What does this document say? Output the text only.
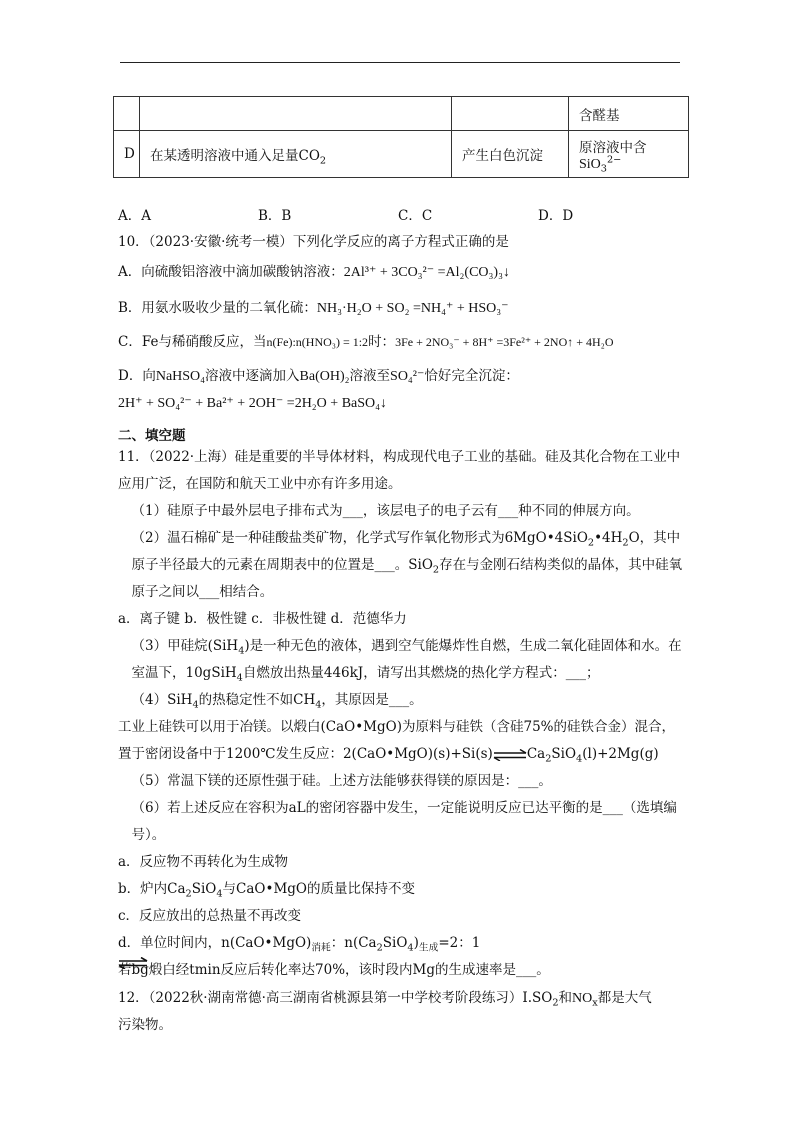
			含醛基
D	在某透明溶液中通入足量$CO_2$	产生白色沉淀	原溶液中含SiO$_3^{2-}$
A．A	B．B	C．C	D．D
10．（2023·安徽·统考一模）下列化学反应的离子方程式正确的是
A．向硫酸铝溶液中滴加碳酸钠溶液：2Al³⁺ + 3CO₃²⁻ =Al₂(CO₃)₃↓
B．用氨水吸收少量的二氧化硫：NH₃·H₂O + SO₂ =NH₄⁺ + HSO₃⁻
C．Fe与稀硝酸反应，当n(Fe):n(HNO₃) = 1:2时：3Fe + 2NO₃⁻ + 8H⁺ =3Fe²⁺ + 2NO↑ + 4H₂O
D．向NaHSO₄溶液中逐滴加入Ba(OH)₂溶液至SO₄²⁻恰好完全沉淀：
2H⁺ + SO₄²⁻ + Ba²⁺ + 2OH⁻ =2H₂O + BaSO₄↓
二、填空题
11．（2022·上海）硅是重要的半导体材料，构成现代电子工业的基础。硅及其化合物在工业中应用广泛，在国防和航天工业中亦有许多用途。
（1）硅原子中最外层电子排布式为___，该层电子的电子云有___种不同的伸展方向。
（2）温石棉矿是一种硅酸盐类矿物，化学式写作氧化物形式为$6MgO•4SiO_2•4H_2O$，其中原子半径最大的元素在周期表中的位置是___。SiO$_2$存在与金刚石结构类似的晶体，其中硅氧原子之间以___相结合。
a．离子键 b．极性键 c．非极性键 d．范德华力
（3）甲硅烷(SiH$_4$)是一种无色的液体，遇到空气能爆炸性自燃，生成二氧化硅固体和水。在室温下，10gSiH$_4$自燃放出热量446kJ，请写出其燃烧的热化学方程式：___；
（4）SiH$_4$的热稳定性不如$CH_4$，其原因是___。
工业上硅铁可以用于冶镁。以煅白(CaO•MgO)为原料与硅铁（含硅75%的硅铁合金）混合，置于密闭设备中于1200℃发生反应：$2(CaO•MgO)(s)+Si(s)\rightleftharpoons Ca_2SiO_4(l)+2Mg(g)$
（5）常温下镁的还原性强于硅。上述方法能够获得镁的原因是：___。
（6）若上述反应在容积为aL的密闭容器中发生，一定能说明反应已达平衡的是___（选填编号）。
a．反应物不再转化为生成物
b．炉内$Ca_2SiO_4$与CaO•MgO的质量比保持不变
c．反应放出的总热量不再改变
d．单位时间内，$n(CaO•MgO)_{消耗}$：$n(Ca_2SiO_4)_{生成}=2$：1
若bg煅白经tmin反应后转化率达70%，该时段内Mg的生成速率是___。
12．（2022秋·湖南常德·高三湖南省桃源县第一中学校考阶段练习）$Ⅰ.SO_2$和$NO_x$都是大气
污染物。
